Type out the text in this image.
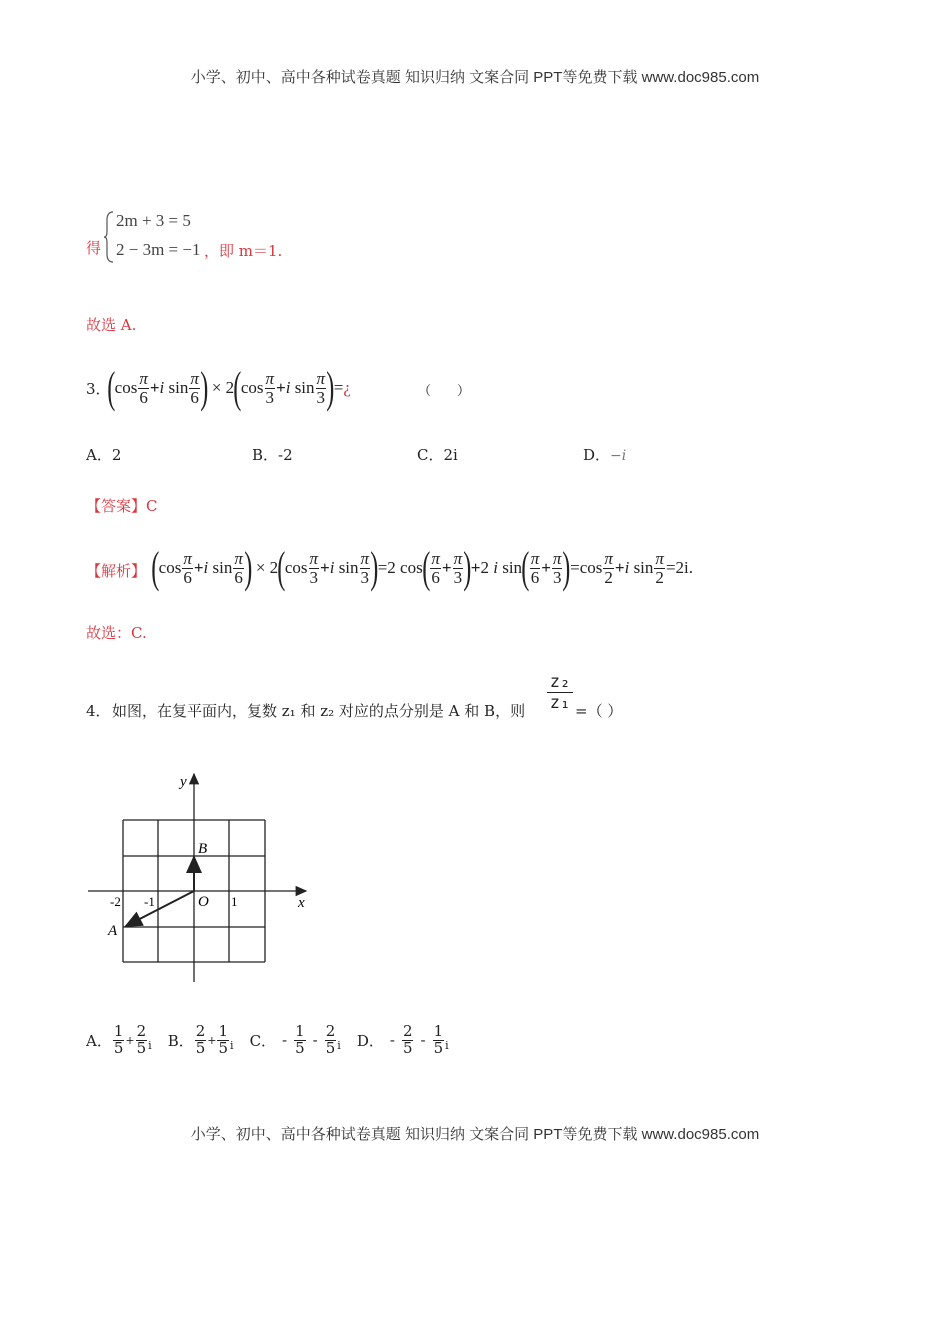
小学、初中、高中各种试卷真题 知识归纳 文案合同 PPT等免费下载 www.doc985.com
得
2m + 3 = 5
2 − 3m = −1 ，即 m＝1.
故选 A.
3．
( $\cos \frac{\pi}{6} + i$
$\sin \frac{\pi}{6}$ ) × 2 ( $\cos \frac{\pi}{3} + i$
$\sin \frac{\pi}{3}$ ) = ¿	（　　）
A．2	B．-2	C．2i	D．−i
【答案】C
【解析】 ( $\cos \frac{\pi}{6} + i$
$\sin \frac{\pi}{6}$ ) × 2 ( $\cos \frac{\pi}{3} + i$
$\sin \frac{\pi}{3}$ ) =2 cos ( $\frac{\pi}{6} + \frac{\pi}{3}$ ) + 2 i
sin ( $\frac{\pi}{6} + \frac{\pi}{3}$ ) $=\cos \frac{\pi}{2} + i$
$\sin \frac{\pi}{2} = 2i$ .
故选：C.
4． 如图，在复平面内，复数 z₁ 和 z₂ 对应的点分别是 A 和 B，则
z₂
z₁ =（ ）
y
x
O
B
A
-2 -1	1
A． $\frac{1}{5} + \frac{2}{5}$ i B． $\frac{2}{5} + \frac{1}{5}$ i C． - $\frac{1}{5} - \frac{2}{5}$ i D． - $\frac{2}{5} - \frac{1}{5}$ i
小学、初中、高中各种试卷真题 知识归纳 文案合同 PPT等免费下载 www.doc985.com
